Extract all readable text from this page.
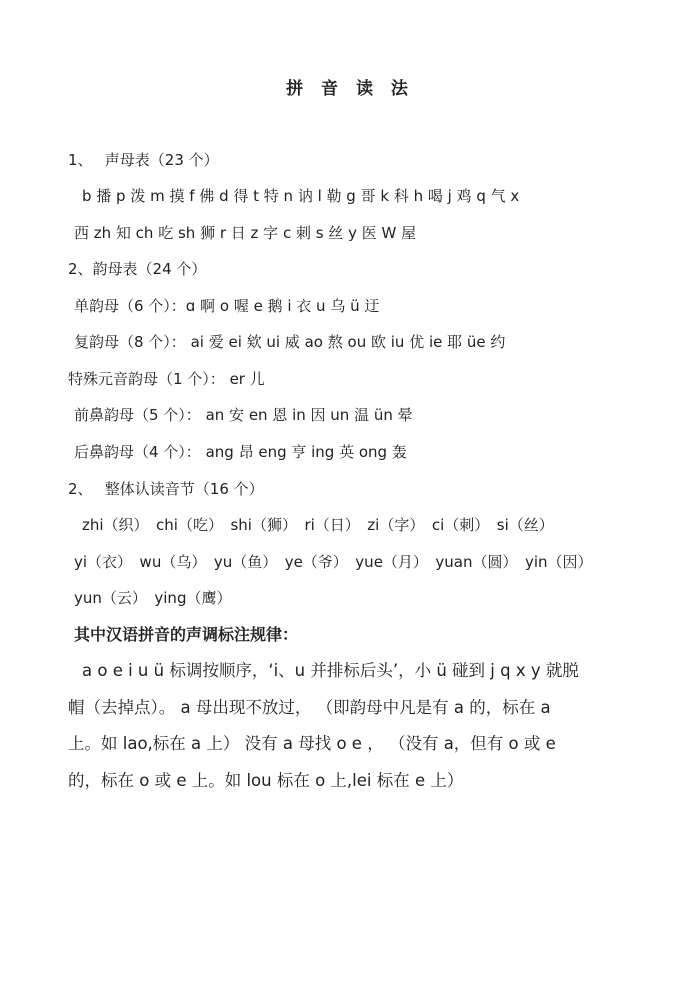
拼 音 读 法
1、　 声母表（23 个）
b 播 p 泼 m 摸 f 佛 d 得 t 特 n 讷 l 勒 g 哥 k 科 h 喝 j 鸡 q 气 x
西 zh 知 ch 吃 sh 狮 r 日 z 字 c 刺 s 丝 y 医 W 屋
2、韵母表（24 个）
单韵母（6 个）：ɑ 啊 o 喔 e 鹅 i 衣 u 乌 ü 迂
复韵母（8 个）： ai 爱 ei 欸 ui 威 ao 熬 ou 欧 iu 优 ie 耶 üe 约
特殊元音韵母（1 个）： er 儿
前鼻韵母（5 个）： an 安 en 恩 in 因 un 温 ün 晕
后鼻韵母（4 个）： ang 昂 eng 亨 ing 英 ong 轰
2、　 整体认读音节（16 个）
zhi（织）　chi（吃）　shi（狮）　ri（日）　zi（字）　ci（刺）　si（丝）
yi（衣）　wu（乌）　yu（鱼）　ye（爷）　yue（月）　yuan（圆）　yin（因）
yun（云）　ying（鹰）
其中汉语拼音的声调标注规律：
a o e i u ü 标调按顺序，‘i、u 并排标后头’，小 ü 碰到 j q x y 就脱
帽（去掉点）。 a 母出现不放过， （即韵母中凡是有 a 的，标在 a
上。如 lao,标在 a 上） 没有 a 母找 o e ， （没有 a，但有 o 或 e
的，标在 o 或 e 上。如 lou 标在 o 上,lei 标在 e 上）
